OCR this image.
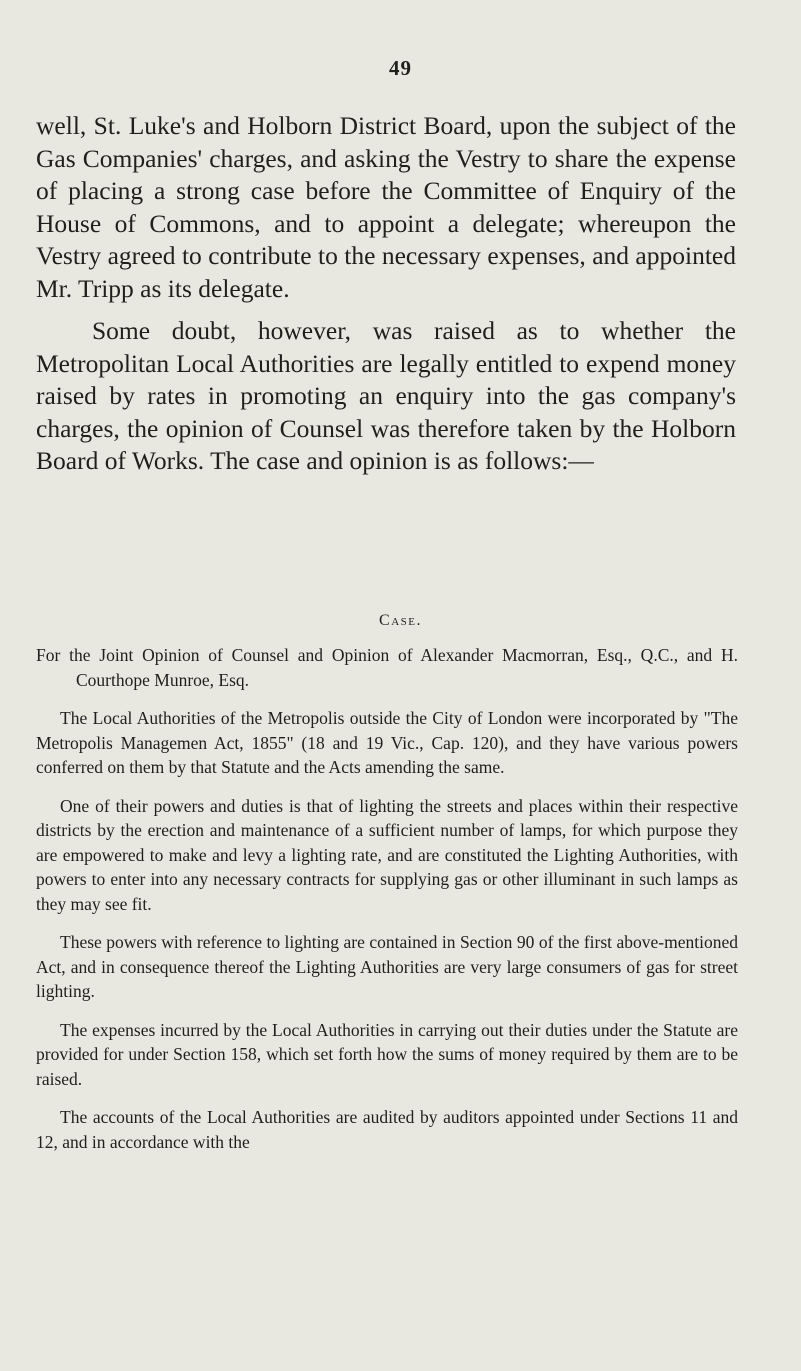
49

well, St. Luke's and Holborn District Board, upon the subject of the Gas Companies' charges, and asking the Vestry to share the expense of placing a strong case before the Committee of Enquiry of the House of Commons, and to appoint a delegate; whereupon the Vestry agreed to contribute to the necessary expenses, and appointed Mr. Tripp as its delegate.

Some doubt, however, was raised as to whether the Metropolitan Local Authorities are legally entitled to expend money raised by rates in promoting an enquiry into the gas company's charges, the opinion of Counsel was therefore taken by the Holborn Board of Works. The case and opinion is as follows:—

Case.

For the Joint Opinion of Counsel and Opinion of Alexander Macmorran, Esq., Q.C., and H. Courthope Munroe, Esq.

The Local Authorities of the Metropolis outside the City of London were incorporated by "The Metropolis Managemen Act, 1855" (18 and 19 Vic., Cap. 120), and they have various powers conferred on them by that Statute and the Acts amending the same.

One of their powers and duties is that of lighting the streets and places within their respective districts by the erection and maintenance of a sufficient number of lamps, for which purpose they are empowered to make and levy a lighting rate, and are constituted the Lighting Authorities, with powers to enter into any necessary contracts for supplying gas or other illuminant in such lamps as they may see fit.

These powers with reference to lighting are contained in Section 90 of the first above-mentioned Act, and in consequence thereof the Lighting Authorities are very large consumers of gas for street lighting.

The expenses incurred by the Local Authorities in carrying out their duties under the Statute are provided for under Section 158, which set forth how the sums of money required by them are to be raised.

The accounts of the Local Authorities are audited by auditors appointed under Sections 11 and 12, and in accordance with the
